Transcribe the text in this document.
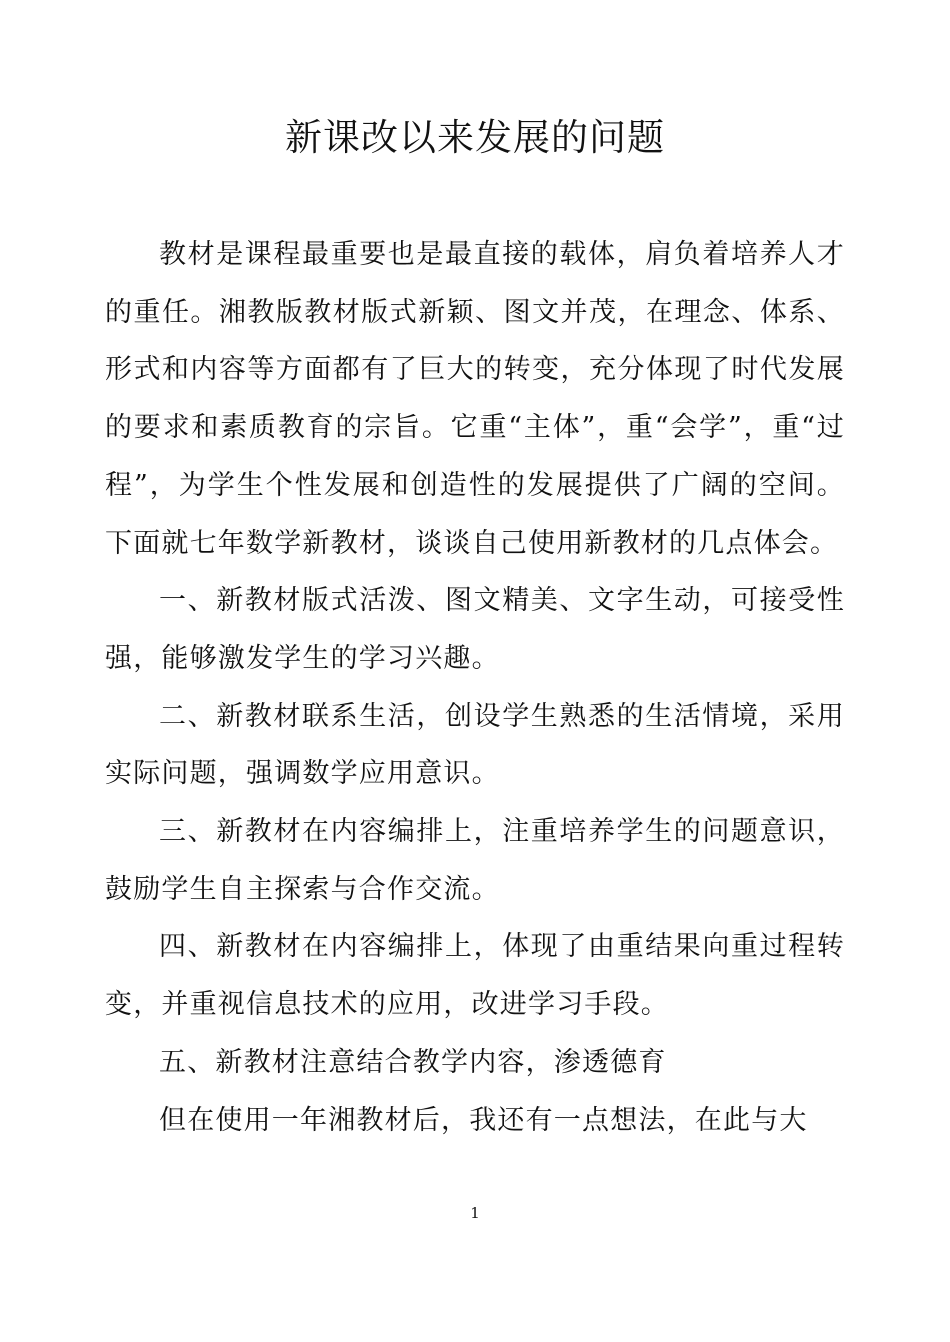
新课改以来发展的问题

教材是课程最重要也是最直接的载体，肩负着培养人才的重任。湘教版教材版式新颖、图文并茂，在理念、体系、形式和内容等方面都有了巨大的转变，充分体现了时代发展的要求和素质教育的宗旨。它重“主体”，重“会学”，重“过程”，为学生个性发展和创造性的发展提供了广阔的空间。下面就七年数学新教材，谈谈自己使用新教材的几点体会。

一、新教材版式活泼、图文精美、文字生动，可接受性强，能够激发学生的学习兴趣。

二、新教材联系生活，创设学生熟悉的生活情境，采用实际问题，强调数学应用意识。

三、新教材在内容编排上，注重培养学生的问题意识，鼓励学生自主探索与合作交流。

四、新教材在内容编排上，体现了由重结果向重过程转变，并重视信息技术的应用，改进学习手段。

五、新教材注意结合教学内容，渗透德育

但在使用一年湘教材后，我还有一点想法，在此与大

1
